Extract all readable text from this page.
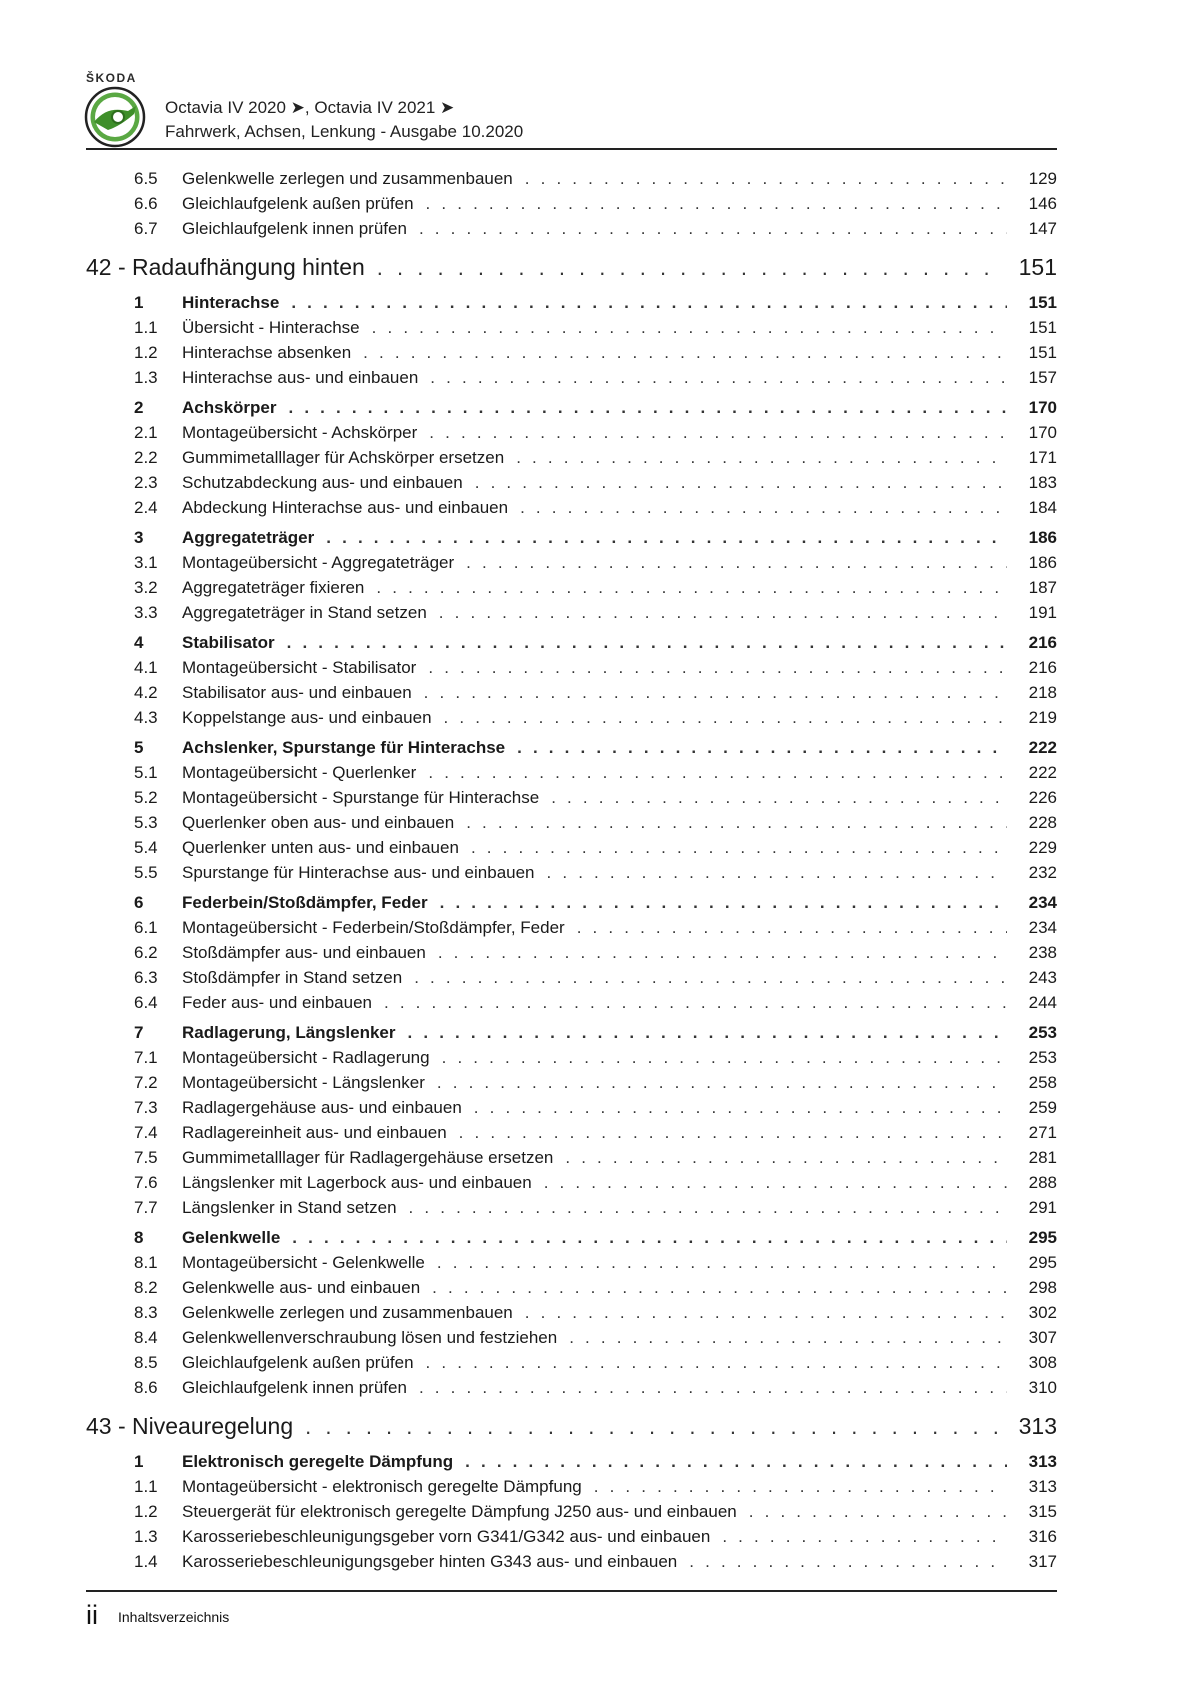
ŠKODA
Octavia IV 2020 ➤, Octavia IV 2021 ➤
Fahrwerk, Achsen, Lenkung - Ausgabe 10.2020
6.5	Gelenkwelle zerlegen und zusammenbauen . . .	129
6.6	Gleichlaufgelenk außen prüfen . . .	146
6.7	Gleichlaufgelenk innen prüfen . . .	147
42 - Radaufhängung hinten . . .	151
1	Hinterachse . . .	151
1.1	Übersicht - Hinterachse . . .	151
1.2	Hinterachse absenken . . .	151
1.3	Hinterachse aus- und einbauen . . .	157
2	Achskörper . . .	170
2.1	Montageübersicht - Achskörper . . .	170
2.2	Gummimetalllager für Achskörper ersetzen . . .	171
2.3	Schutzabdeckung aus- und einbauen . . .	183
2.4	Abdeckung Hinterachse aus- und einbauen . . .	184
3	Aggregateträger . . .	186
3.1	Montageübersicht - Aggregateträger . . .	186
3.2	Aggregateträger fixieren . . .	187
3.3	Aggregateträger in Stand setzen . . .	191
4	Stabilisator . . .	216
4.1	Montageübersicht - Stabilisator . . .	216
4.2	Stabilisator aus- und einbauen . . .	218
4.3	Koppelstange aus- und einbauen . . .	219
5	Achslenker, Spurstange für Hinterachse . . .	222
5.1	Montageübersicht - Querlenker . . .	222
5.2	Montageübersicht - Spurstange für Hinterachse . . .	226
5.3	Querlenker oben aus- und einbauen . . .	228
5.4	Querlenker unten aus- und einbauen . . .	229
5.5	Spurstange für Hinterachse aus- und einbauen . . .	232
6	Federbein/Stoßdämpfer, Feder . . .	234
6.1	Montageübersicht - Federbein/Stoßdämpfer, Feder . . .	234
6.2	Stoßdämpfer aus- und einbauen . . .	238
6.3	Stoßdämpfer in Stand setzen . . .	243
6.4	Feder aus- und einbauen . . .	244
7	Radlagerung, Längslenker . . .	253
7.1	Montageübersicht - Radlagerung . . .	253
7.2	Montageübersicht - Längslenker . . .	258
7.3	Radlagergehäuse aus- und einbauen . . .	259
7.4	Radlagereinheit aus- und einbauen . . .	271
7.5	Gummimetalllager für Radlagergehäuse ersetzen . . .	281
7.6	Längslenker mit Lagerbock aus- und einbauen . . .	288
7.7	Längslenker in Stand setzen . . .	291
8	Gelenkwelle . . .	295
8.1	Montageübersicht - Gelenkwelle . . .	295
8.2	Gelenkwelle aus- und einbauen . . .	298
8.3	Gelenkwelle zerlegen und zusammenbauen . . .	302
8.4	Gelenkwellenverschraubung lösen und festziehen . . .	307
8.5	Gleichlaufgelenk außen prüfen . . .	308
8.6	Gleichlaufgelenk innen prüfen . . .	310
43 - Niveauregelung . . .	313
1	Elektronisch geregelte Dämpfung . . .	313
1.1	Montageübersicht - elektronisch geregelte Dämpfung . . .	313
1.2	Steuergerät für elektronisch geregelte Dämpfung J250 aus- und einbauen . . .	315
1.3	Karosseriebeschleunigungsgeber vorn G341/G342 aus- und einbauen . . .	316
1.4	Karosseriebeschleunigungsgeber hinten G343 aus- und einbauen . . .	317
ii Inhaltsverzeichnis
